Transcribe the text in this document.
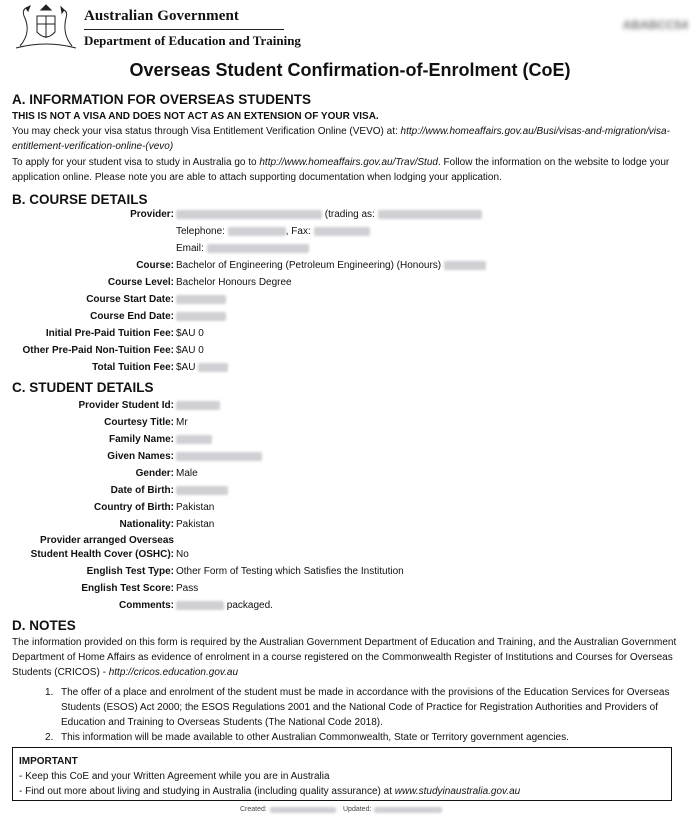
Australian Government
Department of Education and Training
ABABCC54
Overseas Student Confirmation-of-Enrolment (CoE)
A. INFORMATION FOR OVERSEAS STUDENTS
THIS IS NOT A VISA AND DOES NOT ACT AS AN EXTENSION OF YOUR VISA.
You may check your visa status through Visa Entitlement Verification Online (VEVO) at: http://www.homeaffairs.gov.au/Busi/visas-and-migration/visa-entitlement-verification-online-(vevo)
To apply for your student visa to study in Australia go to http://www.homeaffairs.gov.au/Trav/Stud. Follow the information on the website to lodge your application online. Please note you are able to attach supporting documentation when lodging your application.
B. COURSE DETAILS
Provider:	(trading as:
Telephone:	, Fax:
Email:
Course: Bachelor of Engineering (Petroleum Engineering) (Honours)
Course Level: Bachelor Honours Degree
Course Start Date:
Course End Date:
Initial Pre-Paid Tuition Fee: $AU 0
Other Pre-Paid Non-Tuition Fee: $AU 0
Total Tuition Fee: $AU
C. STUDENT DETAILS
Provider Student Id:
Courtesy Title: Mr
Family Name:
Given Names:
Gender: Male
Date of Birth:
Country of Birth: Pakistan
Nationality: Pakistan
Provider arranged Overseas
Student Health Cover (OSHC): No
English Test Type: Other Form of Testing which Satisfies the Institution
English Test Score: Pass
Comments:	packaged.
D. NOTES
The information provided on this form is required by the Australian Government Department of Education and Training, and the Australian Government Department of Home Affairs as evidence of enrolment in a course registered on the Commonwealth Register of Institutions and Courses for Overseas Students (CRICOS) - http://cricos.education.gov.au
1. The offer of a place and enrolment of the student must be made in accordance with the provisions of the Education Services for Overseas Students (ESOS) Act 2000; the ESOS Regulations 2001 and the National Code of Practice for Registration Authorities and Providers of Education and Training to Overseas Students (The National Code 2018).
2. This information will be made available to other Australian Commonwealth, State or Territory government agencies.
IMPORTANT
- Keep this CoE and your Written Agreement while you are in Australia
- Find out more about living and studying in Australia (including quality assurance) at www.studyinaustralia.gov.au
Created:	Updated:
